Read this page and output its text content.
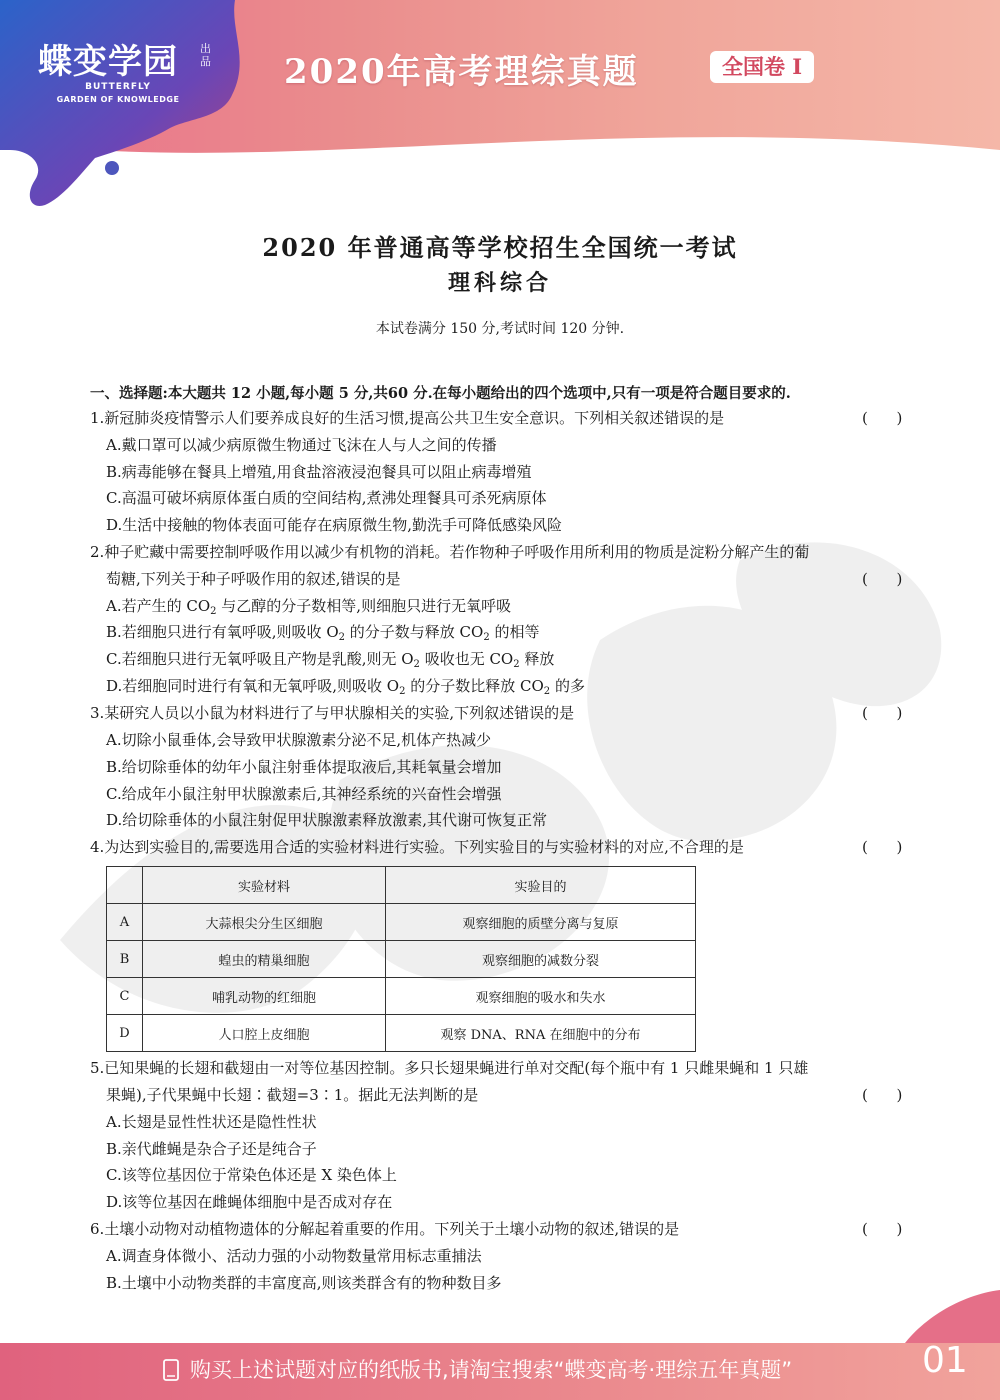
蝶变学园 出品
BUTTERFLY
GARDEN OF KNOWLEDGE
2020年高考理综真题	全国卷 I
2020 年普通高等学校招生全国统一考试
理科综合
本试卷满分 150 分,考试时间 120 分钟.
一、选择题:本大题共 12 小题,每小题 5 分,共60 分.在每小题给出的四个选项中,只有一项是符合题目要求的.
1.新冠肺炎疫情警示人们要养成良好的生活习惯,提高公共卫生安全意识。下列相关叙述错误的是	(      )
A.戴口罩可以减少病原微生物通过飞沫在人与人之间的传播
B.病毒能够在餐具上增殖,用食盐溶液浸泡餐具可以阻止病毒增殖
C.高温可破坏病原体蛋白质的空间结构,煮沸处理餐具可杀死病原体
D.生活中接触的物体表面可能存在病原微生物,勤洗手可降低感染风险
2.种子贮藏中需要控制呼吸作用以减少有机物的消耗。若作物种子呼吸作用所利用的物质是淀粉分解产生的葡
萄糖,下列关于种子呼吸作用的叙述,错误的是	(      )
A.若产生的 $CO_2$ 与乙醇的分子数相等,则细胞只进行无氧呼吸
B.若细胞只进行有氧呼吸,则吸收 $O_2$ 的分子数与释放 $CO_2$ 的相等
C.若细胞只进行无氧呼吸且产物是乳酸,则无 $O_2$ 吸收也无 $CO_2$ 释放
D.若细胞同时进行有氧和无氧呼吸,则吸收 $O_2$ 的分子数比释放 $CO_2$ 的多
3.某研究人员以小鼠为材料进行了与甲状腺相关的实验,下列叙述错误的是	(      )
A.切除小鼠垂体,会导致甲状腺激素分泌不足,机体产热减少
B.给切除垂体的幼年小鼠注射垂体提取液后,其耗氧量会增加
C.给成年小鼠注射甲状腺激素后,其神经系统的兴奋性会增强
D.给切除垂体的小鼠注射促甲状腺激素释放激素,其代谢可恢复正常
4.为达到实验目的,需要选用合适的实验材料进行实验。下列实验目的与实验材料的对应,不合理的是	(      )
	实验材料	实验目的
A	大蒜根尖分生区细胞	观察细胞的质壁分离与复原
B	蝗虫的精巢细胞	观察细胞的减数分裂
C	哺乳动物的红细胞	观察细胞的吸水和失水
D	人口腔上皮细胞	观察 DNA、RNA 在细胞中的分布
5.已知果蝇的长翅和截翅由一对等位基因控制。多只长翅果蝇进行单对交配(每个瓶中有 1 只雌果蝇和 1 只雄
果蝇),子代果蝇中长翅∶截翅=3∶1。据此无法判断的是	(      )
A.长翅是显性性状还是隐性性状
B.亲代雌蝇是杂合子还是纯合子
C.该等位基因位于常染色体还是 X 染色体上
D.该等位基因在雌蝇体细胞中是否成对存在
6.土壤小动物对动植物遗体的分解起着重要的作用。下列关于土壤小动物的叙述,错误的是	(      )
A.调查身体微小、活动力强的小动物数量常用标志重捕法
B.土壤中小动物类群的丰富度高,则该类群含有的物种数目多
购买上述试题对应的纸版书,请淘宝搜索“蝶变高考·理综五年真题”	01
